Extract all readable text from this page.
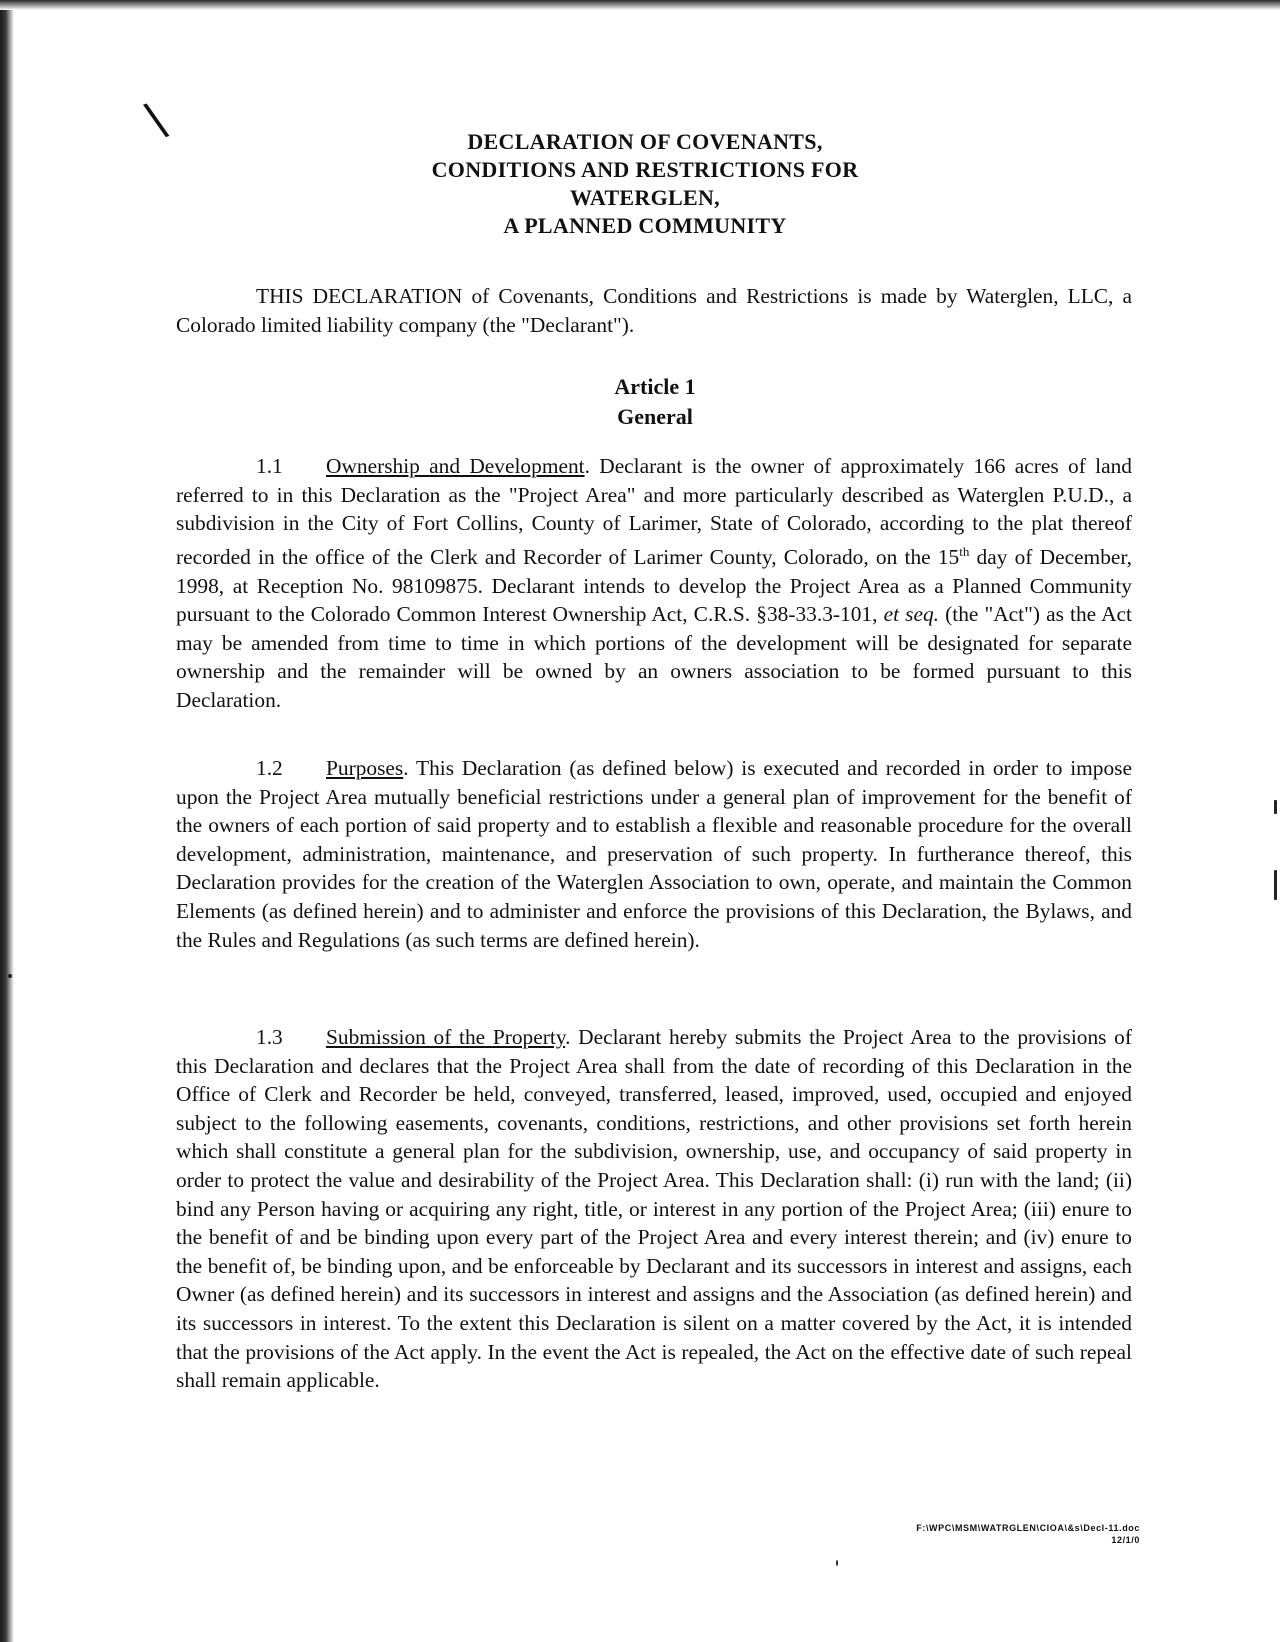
\	DECLARATION OF COVENANTS,
CONDITIONS AND RESTRICTIONS FOR
WATERGLEN,
A PLANNED COMMUNITY
THIS DECLARATION of Covenants, Conditions and Restrictions is made by Waterglen, LLC, a Colorado limited liability company (the "Declarant").
Article 1
General
1.1 Ownership and Development. Declarant is the owner of approximately 166 acres of land referred to in this Declaration as the "Project Area" and more particularly described as Waterglen P.U.D., a subdivision in the City of Fort Collins, County of Larimer, State of Colorado, according to the plat thereof recorded in the office of the Clerk and Recorder of Larimer County, Colorado, on the 15th day of December, 1998, at Reception No. 98109875. Declarant intends to develop the Project Area as a Planned Community pursuant to the Colorado Common Interest Ownership Act, C.R.S. §38-33.3-101, et seq. (the "Act") as the Act may be amended from time to time in which portions of the development will be designated for separate ownership and the remainder will be owned by an owners association to be formed pursuant to this Declaration.
1.2 Purposes. This Declaration (as defined below) is executed and recorded in order to impose upon the Project Area mutually beneficial restrictions under a general plan of improvement for the benefit of the owners of each portion of said property and to establish a flexible and reasonable procedure for the overall development, administration, maintenance, and preservation of such property. In furtherance thereof, this Declaration provides for the creation of the Waterglen Association to own, operate, and maintain the Common Elements (as defined herein) and to administer and enforce the provisions of this Declaration, the Bylaws, and the Rules and Regulations (as such terms are defined herein).
1.3 Submission of the Property. Declarant hereby submits the Project Area to the provisions of this Declaration and declares that the Project Area shall from the date of recording of this Declaration in the Office of Clerk and Recorder be held, conveyed, transferred, leased, improved, used, occupied and enjoyed subject to the following easements, covenants, conditions, restrictions, and other provisions set forth herein which shall constitute a general plan for the subdivision, ownership, use, and occupancy of said property in order to protect the value and desirability of the Project Area. This Declaration shall: (i) run with the land; (ii) bind any Person having or acquiring any right, title, or interest in any portion of the Project Area; (iii) enure to the benefit of and be binding upon every part of the Project Area and every interest therein; and (iv) enure to the benefit of, be binding upon, and be enforceable by Declarant and its successors in interest and assigns, each Owner (as defined herein) and its successors in interest and assigns and the Association (as defined herein) and its successors in interest. To the extent this Declaration is silent on a matter covered by the Act, it is intended that the provisions of the Act apply. In the event the Act is repealed, the Act on the effective date of such repeal shall remain applicable.
F:\WPC\MSM\WATRGLEN\CIOA\&s\Decl-11.doc
12/1/0
